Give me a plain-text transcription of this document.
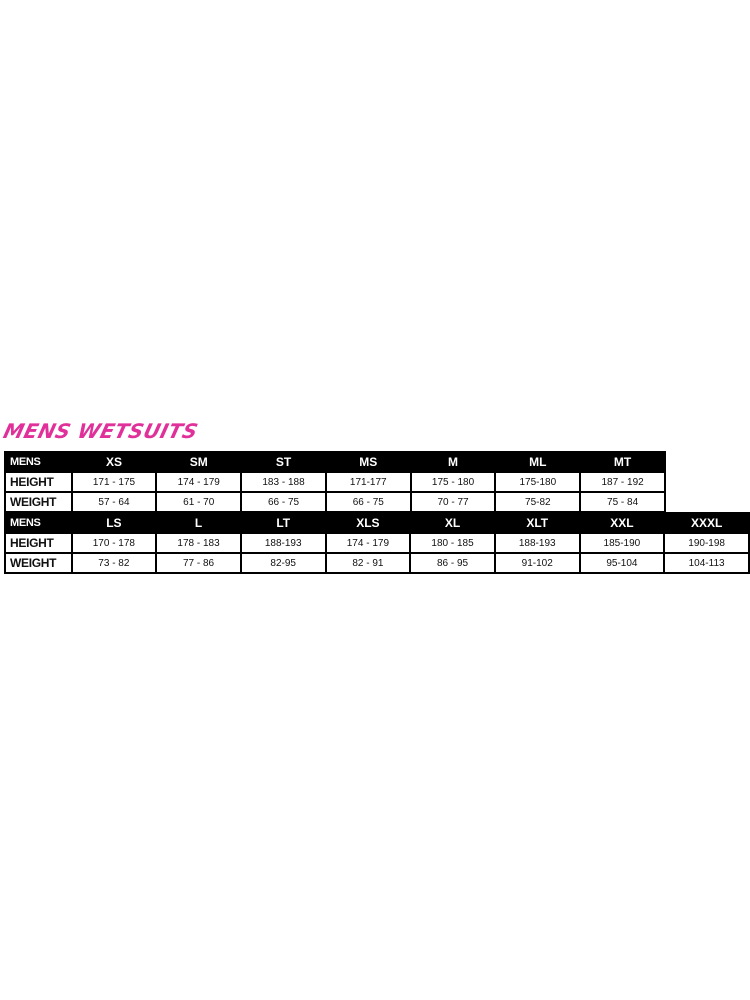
MENS WETSUITS
MENS	XS	SM	ST	MS	M	ML	MT
HEIGHT	171 - 175	174 - 179	183 - 188	171-177	175 - 180	175-180	187 - 192
WEIGHT	57 - 64	61 - 70	66 - 75	66 - 75	70 - 77	75-82	75 - 84
MENS	LS	L	LT	XLS	XL	XLT	XXL	XXXL
HEIGHT	170 - 178	178 - 183	188-193	174 - 179	180 - 185	188-193	185-190	190-198
WEIGHT	73 - 82	77 - 86	82-95	82 - 91	86 - 95	91-102	95-104	104-113
